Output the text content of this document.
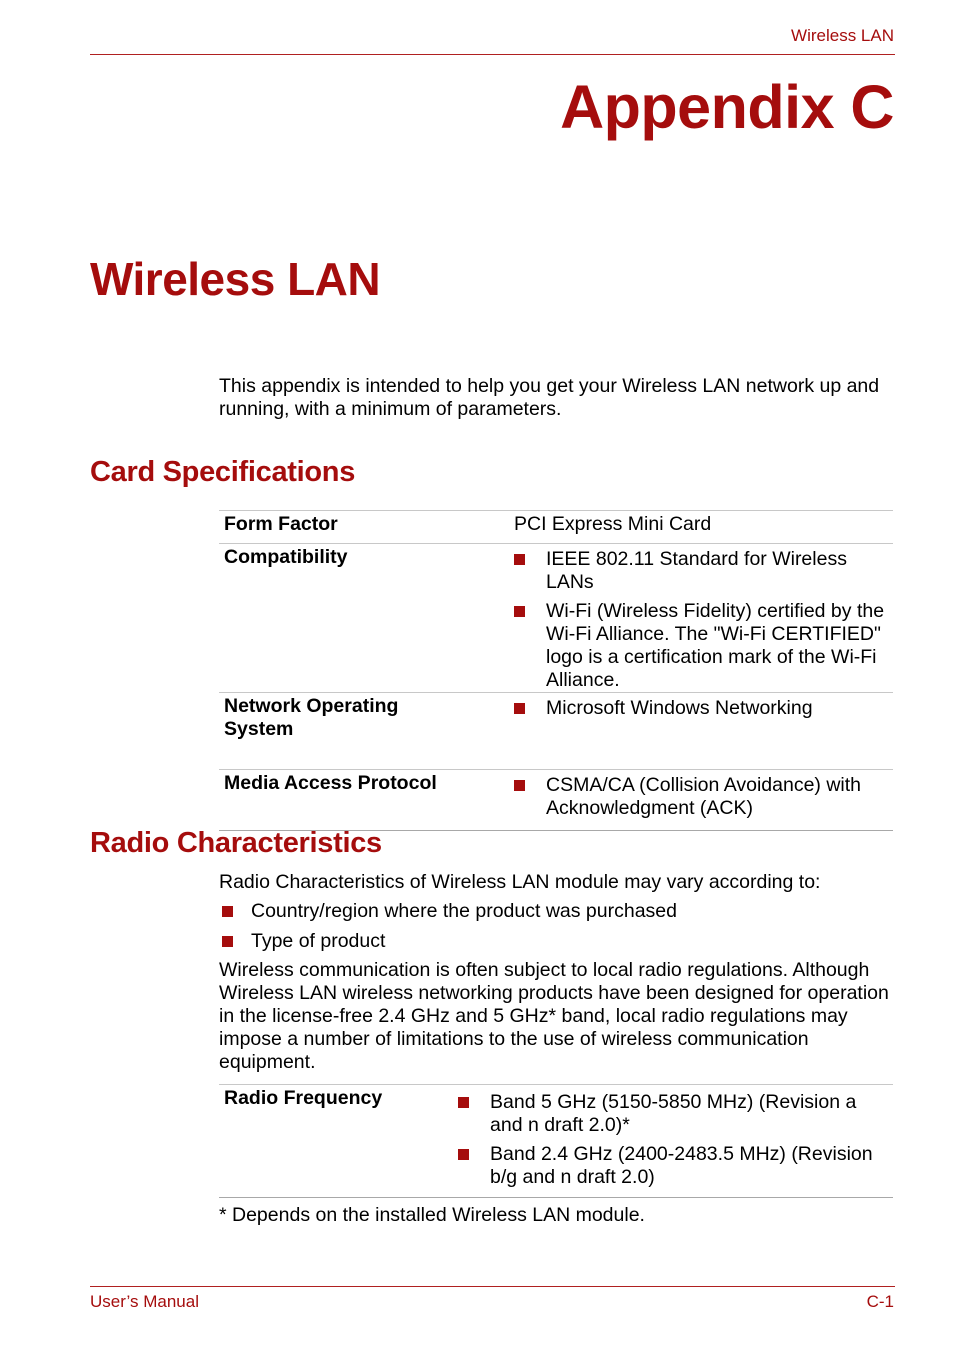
Wireless LAN
Appendix C
Wireless LAN

This appendix is intended to help you get your Wireless LAN network up and running, with a minimum of parameters.

Card Specifications
Form Factor	PCI Express Mini Card
Compatibility	IEEE 802.11 Standard for Wireless LANs
Wi-Fi (Wireless Fidelity) certified by the Wi-Fi Alliance. The "Wi-Fi CERTIFIED" logo is a certification mark of the Wi-Fi Alliance.

Network Operating System	Microsoft Windows Networking

Media Access Protocol	CSMA/CA (Collision Avoidance) with Acknowledgment (ACK)
Radio Characteristics
Radio Characteristics of Wireless LAN module may vary according to:
Country/region where the product was purchased
Type of product
Wireless communication is often subject to local radio regulations. Although Wireless LAN wireless networking products have been designed for operation in the license-free 2.4 GHz and 5 GHz* band, local radio regulations may impose a number of limitations to the use of wireless communication equipment.
Radio Frequency	Band 5 GHz (5150-5850 MHz) (Revision a and n draft 2.0)*
Band 2.4 GHz (2400-2483.5 MHz) (Revision b/g and n draft 2.0)
* Depends on the installed Wireless LAN module.
User’s Manual	C-1
